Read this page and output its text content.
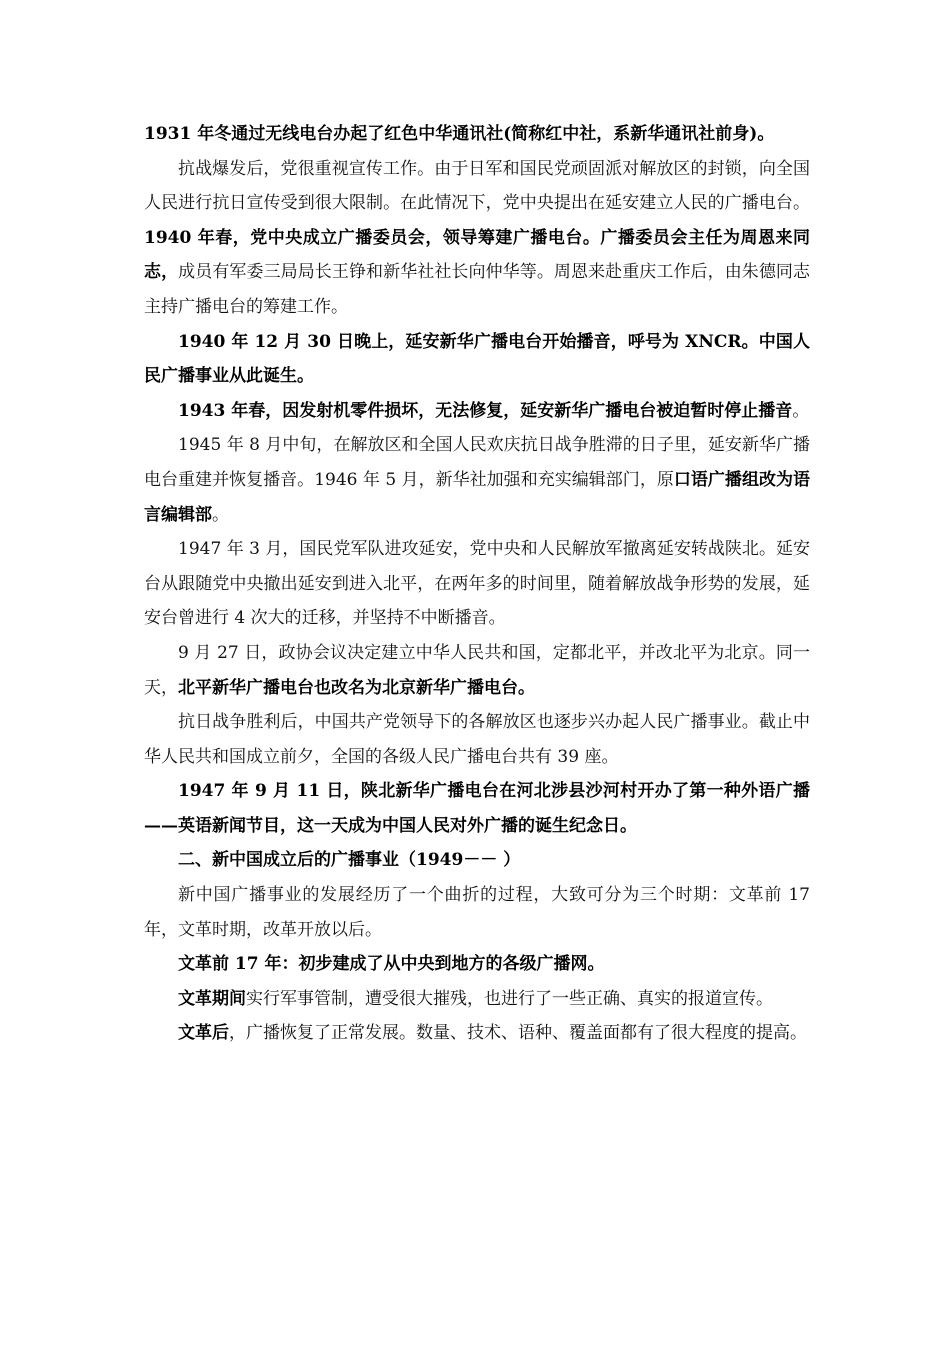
1931 年冬通过无线电台办起了红色中华通讯社(简称红中社，系新华通讯社前身)。

抗战爆发后，党很重视宣传工作。由于日军和国民党顽固派对解放区的封锁，向全国人民进行抗日宣传受到很大限制。在此情况下，党中央提出在延安建立人民的广播电台。 1940 年春，党中央成立广播委员会，领导筹建广播电台。广播委员会主任为周恩来同志，成员有军委三局局长王铮和新华社社长向仲华等。周恩来赴重庆工作后，由朱德同志主持广播电台的筹建工作。

1940 年 12 月 30 日晚上，延安新华广播电台开始播音，呼号为 XNCR。中国人民广播事业从此诞生。

1943 年春，因发射机零件损坏，无法修复，延安新华广播电台被迫暂时停止播音。

1945 年 8 月中旬，在解放区和全国人民欢庆抗日战争胜滞的日子里，延安新华广播电台重建并恢复播音。1946 年 5 月，新华社加强和充实编辑部门，原口语广播组改为语言编辑部。

1947 年 3 月，国民党军队进攻延安，党中央和人民解放军撤离延安转战陕北。延安台从跟随党中央撤出延安到进入北平，在两年多的时间里，随着解放战争形势的发展，延安台曾进行 4 次大的迁移，并坚持不中断播音。

9 月 27 日，政协会议决定建立中华人民共和国，定都北平，并改北平为北京。同一天，北平新华广播电台也改名为北京新华广播电台。

抗日战争胜利后，中国共产党领导下的各解放区也逐步兴办起人民广播事业。截止中华人民共和国成立前夕，全国的各级人民广播电台共有 39 座。

1947 年 9 月 11 日，陕北新华广播电台在河北涉县沙河村开办了第一种外语广播——英语新闻节目，这一天成为中国人民对外广播的诞生纪念日。

二、新中国成立后的广播事业（1949－－ ）

新中国广播事业的发展经历了一个曲折的过程，大致可分为三个时期：文革前 17 年，文革时期，改革开放以后。

文革前 17 年：初步建成了从中央到地方的各级广播网。

文革期间实行军事管制，遭受很大摧残，也进行了一些正确、真实的报道宣传。

文革后，广播恢复了正常发展。数量、技术、语种、覆盖面都有了很大程度的提高。
